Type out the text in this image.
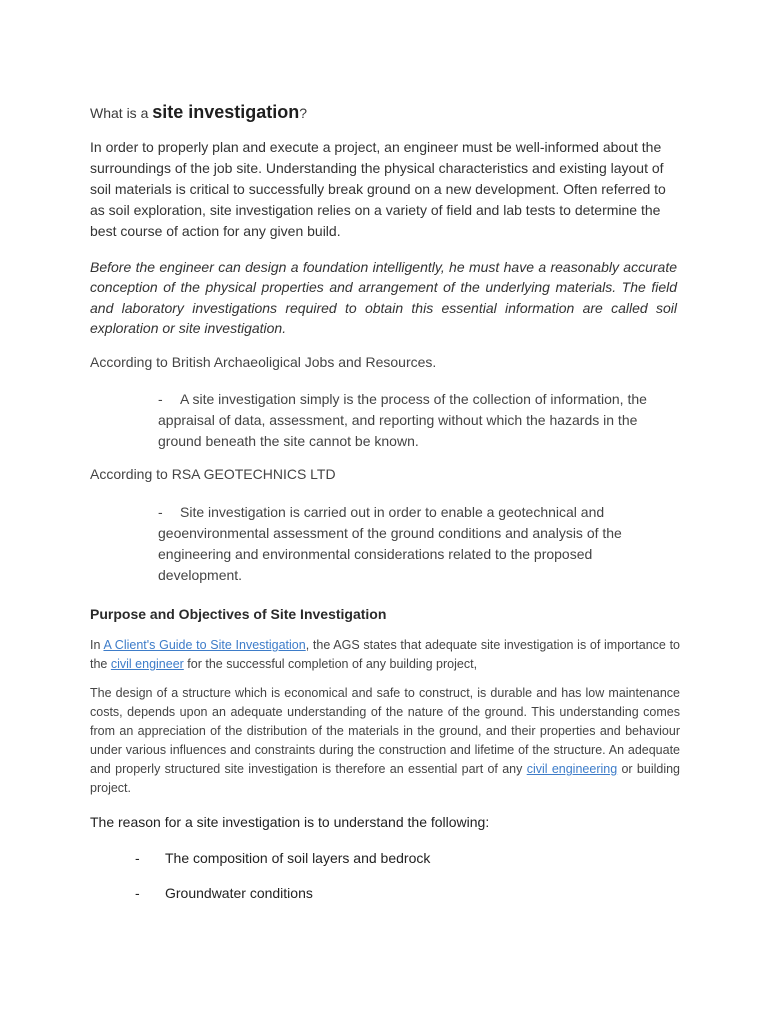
What is a site investigation?

In order to properly plan and execute a project, an engineer must be well-informed about the surroundings of the job site. Understanding the physical characteristics and existing layout of soil materials is critical to successfully break ground on a new development. Often referred to as soil exploration, site investigation relies on a variety of field and lab tests to determine the best course of action for any given build.

Before the engineer can design a foundation intelligently, he must have a reasonably accurate conception of the physical properties and arrangement of the underlying materials. The field and laboratory investigations required to obtain this essential information are called soil exploration or site investigation.

According to British Archaeoligical Jobs and Resources.

- A site investigation simply is the process of the collection of information, the appraisal of data, assessment, and reporting without which the hazards in the ground beneath the site cannot be known.

According to RSA GEOTECHNICS LTD

- Site investigation is carried out in order to enable a geotechnical and geoenvironmental assessment of the ground conditions and analysis of the engineering and environmental considerations related to the proposed development.

Purpose and Objectives of Site Investigation

In A Client's Guide to Site Investigation, the AGS states that adequate site investigation is of importance to the civil engineer for the successful completion of any building project,

The design of a structure which is economical and safe to construct, is durable and has low maintenance costs, depends upon an adequate understanding of the nature of the ground. This understanding comes from an appreciation of the distribution of the materials in the ground, and their properties and behaviour under various influences and constraints during the construction and lifetime of the structure. An adequate and properly structured site investigation is therefore an essential part of any civil engineering or building project.

The reason for a site investigation is to understand the following:

- The composition of soil layers and bedrock
- Groundwater conditions
